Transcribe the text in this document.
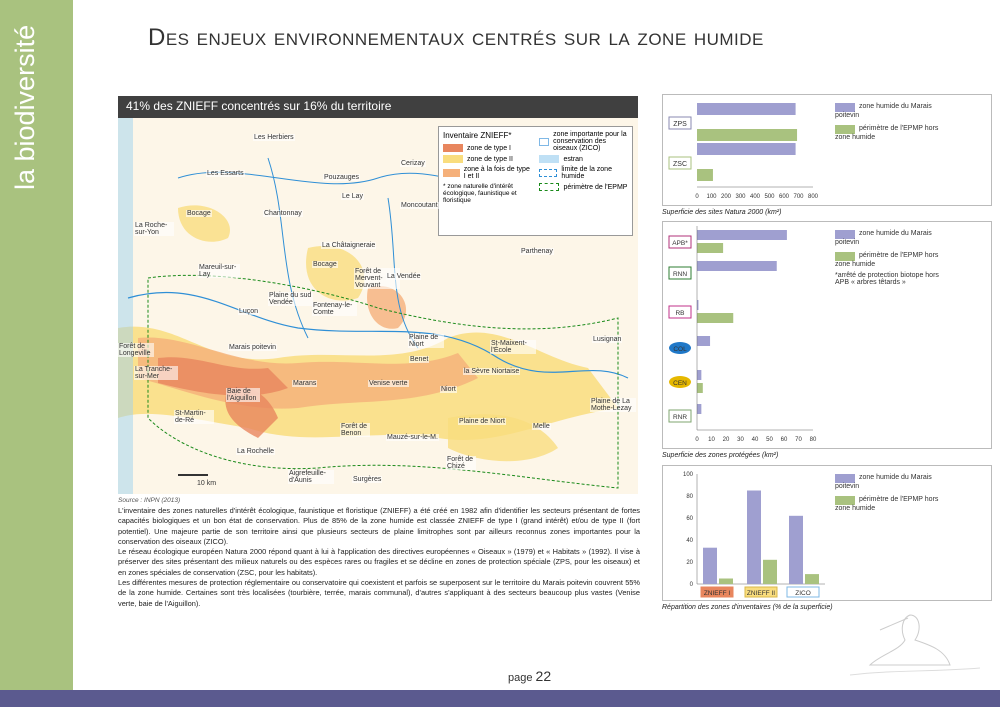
la biodiversité	Des enjeux environnementaux centrés sur la zone humide
41% des ZNIEFF concentrés sur 16% du territoire
Inventaire ZNIEFF*
zone de type I
zone de type II
zone à la fois de type I et II
* zone naturelle d'intérêt écologique, faunistique et floristique
zone importante pour la conservation des oiseaux (ZICO)
estran
limite de la zone humide
périmètre de l'EPMP
Les Herbiers
Cerizay
Les Essarts
Pouzauges
Le Lay
Moncoutant
Bocage	Chantonnay
La Roche-sur-Yon
La Châtaigneraie
Bocage
Parthenay
Mareuil-sur-Lay	Forêt de Mervent-Vouvant
Plaine du sud Vendée
Luçon
Fontenay-le-Comte
La Vendée
Plaine de Niort
Forêt de Longeville
Marais poitevin
Benet
St-Maixent-l'École
Lusignan
La Tranche-sur-Mer
Venise verte
Marans
Niort
la Sèvre Niortaise
Baie de l'Aiguillon
St-Martin-de-Ré	Plaine de Niort
Forêt de Benon
Melle
Plaine de La Mothe-Lezay
Mauzé-sur-le-M.
La Rochelle
Forêt de Chizé
Aigrefeuille-d'Aunis	Surgères
10 km
Source : INPN (2013)

L'inventaire des zones naturelles d'intérêt écologique, faunistique et floristique (ZNIEFF) a été créé en 1982 afin d'identifier les secteurs présentant de fortes capacités biologiques et un bon état de conservation. Plus de 85% de la zone humide est classée ZNIEFF de type I (grand intérêt) et/ou de type II (fort potentiel). Une majeure partie de son territoire ainsi que plusieurs secteurs de plaine limitrophes sont par ailleurs reconnus zones importantes pour la conservation des oiseaux (ZICO).

Le réseau écologique européen Natura 2000 répond quant à lui à l'application des directives européennes « Oiseaux » (1979) et « Habitats » (1992). Il vise à préserver des sites présentant des milieux naturels ou des espèces rares ou fragiles et se décline en zones de protection spéciale (ZPS, pour les oiseaux) et en zones spéciales de conservation (ZSC, pour les habitats).

Les différentes mesures de protection réglementaire ou conservatoire qui coexistent et parfois se superposent sur le territoire du Marais poitevin couvrent 55% de la zone humide. Certaines sont très localisées (tourbière, terrée, marais communal), d'autres s'appliquant à des secteurs beaucoup plus vastes (Venise verte, baie de l'Aiguillon).

ZPS
ZSC
0 100 200 300 400 500 600 700 800
zone humide du Marais poitevin
périmètre de l'EPMP hors zone humide
Superficie des sites Natura 2000 (km²)
APB*
RNN
RB
COL
CEN
RNR
0 10 20 30 40 50 60 70 80
zone humide du Marais poitevin
périmètre de l'EPMP hors zone humide
*arrêté de protection biotope hors APB « arbres têtards »
Superficie des zones protégées (km²)
0
20
40
60
80
100
ZNIEFF I	ZNIEFF II	ZICO
zone humide du Marais poitevin
périmètre de l'EPMP hors zone humide
Répartition des zones d'inventaires (% de la superficie)
page 22
